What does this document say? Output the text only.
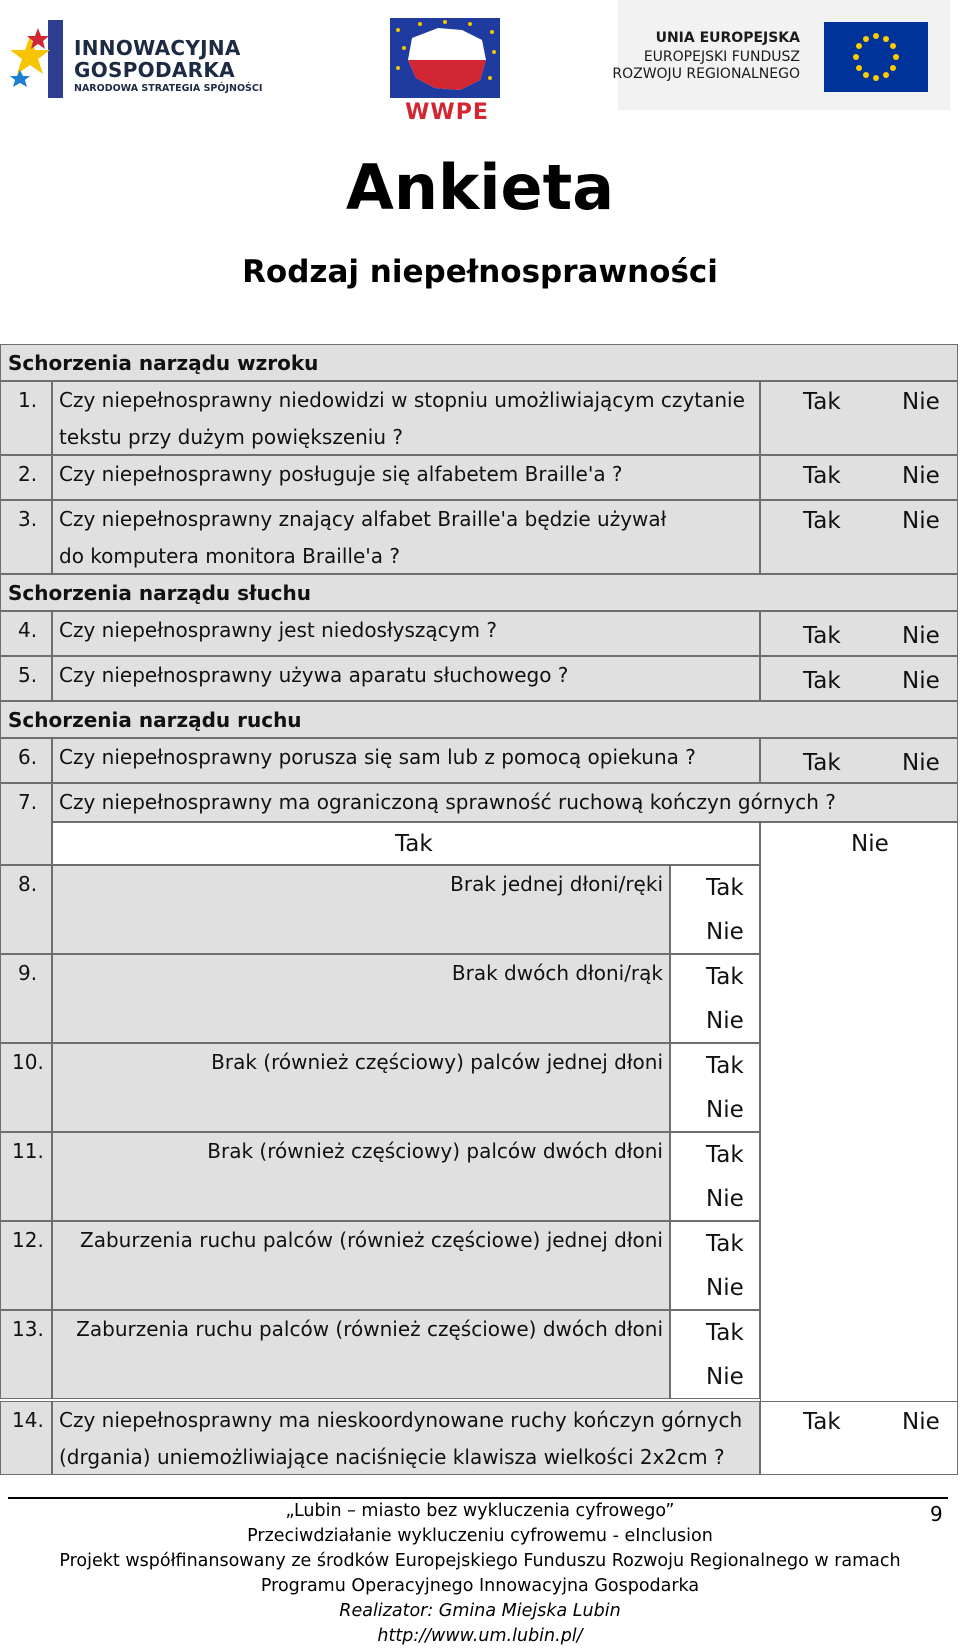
INNOWACYJNA
GOSPODARKA
NARODOWA STRATEGIA SPÓJNOŚCI
WWPE
UNIA EUROPEJSKA
EUROPEJSKI FUNDUSZ
ROZWOJU REGIONALNEGO
Ankieta
Rodzaj niepełnosprawności
Schorzenia narządu wzroku
1. Czy niepełnosprawny niedowidzi w stopniu umożliwiającym czytanie
tekstu przy dużym powiększeniu ?
Tak	Nie
2. Czy niepełnosprawny posługuje się alfabetem Braille'a ?	Tak	Nie
3. Czy niepełnosprawny znający alfabet Braille'a będzie używał
do komputera monitora Braille'a ?
Tak	Nie
Schorzenia narządu słuchu
4. Czy niepełnosprawny jest niedosłyszącym ?	Tak	Nie
5. Czy niepełnosprawny używa aparatu słuchowego ?	Tak	Nie
Schorzenia narządu ruchu
6. Czy niepełnosprawny porusza się sam lub z pomocą opiekuna ?	Tak	Nie
7. Czy niepełnosprawny ma ograniczoną sprawność ruchową kończyn górnych ?
Tak	Nie
8.	Brak jednej dłoni/ręki Tak
Nie
9.	Brak dwóch dłoni/rąk Tak
Nie
10.	Brak (również częściowy) palców jednej dłoni Tak
Nie
11.	Brak (również częściowy) palców dwóch dłoni Tak
Nie
12. Zaburzenia ruchu palców (również częściowe) jednej dłoni Tak
Nie
13. Zaburzenia ruchu palców (również częściowe) dwóch dłoni Tak
Nie
14. Czy niepełnosprawny ma nieskoordynowane ruchy kończyn górnych
(drgania) uniemożliwiające naciśnięcie klawisza wielkości 2x2cm ?
Tak	Nie
9
„Lubin – miasto bez wykluczenia cyfrowego”
Przeciwdziałanie wykluczeniu cyfrowemu - eInclusion
Projekt współfinansowany ze środków Europejskiego Funduszu Rozwoju Regionalnego w ramach
Programu Operacyjnego Innowacyjna Gospodarka
Realizator: Gmina Miejska Lubin
http://www.um.lubin.pl/
